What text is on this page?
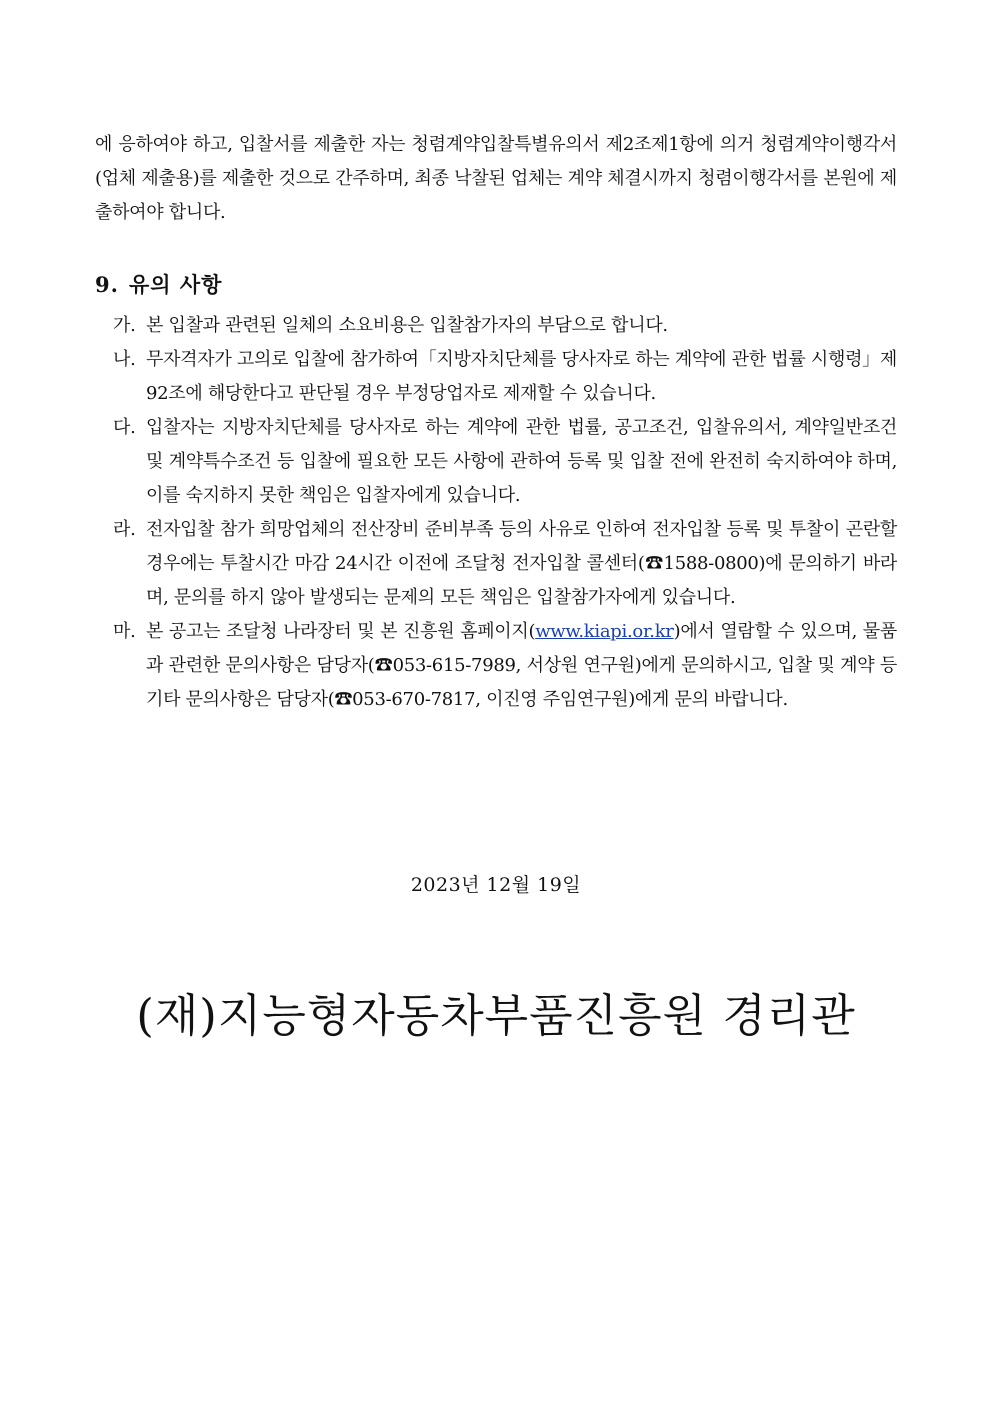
에 응하여야 하고, 입찰서를 제출한 자는 청렴계약입찰특별유의서 제2조제1항에 의거 청렴계약이행각서(업체 제출용)를 제출한 것으로 간주하며, 최종 낙찰된 업체는 계약 체결시까지 청렴이행각서를 본원에 제출하여야 합니다.

9. 유의 사항
가. 본 입찰과 관련된 일체의 소요비용은 입찰참가자의 부담으로 합니다.
나. 무자격자가 고의로 입찰에 참가하여「지방자치단체를 당사자로 하는 계약에 관한 법률 시행령」제92조에 해당한다고 판단될 경우 부정당업자로 제재할 수 있습니다.
다. 입찰자는 지방자치단체를 당사자로 하는 계약에 관한 법률, 공고조건, 입찰유의서, 계약일반조건 및 계약특수조건 등 입찰에 필요한 모든 사항에 관하여 등록 및 입찰 전에 완전히 숙지하여야 하며, 이를 숙지하지 못한 책임은 입찰자에게 있습니다.
라. 전자입찰 참가 희망업체의 전산장비 준비부족 등의 사유로 인하여 전자입찰 등록 및 투찰이 곤란할 경우에는 투찰시간 마감 24시간 이전에 조달청 전자입찰 콜센터(☎1588-0800)에 문의하기 바라며, 문의를 하지 않아 발생되는 문제의 모든 책임은 입찰참가자에게 있습니다.
마. 본 공고는 조달청 나라장터 및 본 진흥원 홈페이지(www.kiapi.or.kr)에서 열람할 수 있으며, 물품과 관련한 문의사항은 담당자(☎053-615-7989, 서상원 연구원)에게 문의하시고, 입찰 및 계약 등 기타 문의사항은 담당자(☎053-670-7817, 이진영 주임연구원)에게 문의 바랍니다.
2023년 12월 19일
(재)지능형자동차부품진흥원 경리관
